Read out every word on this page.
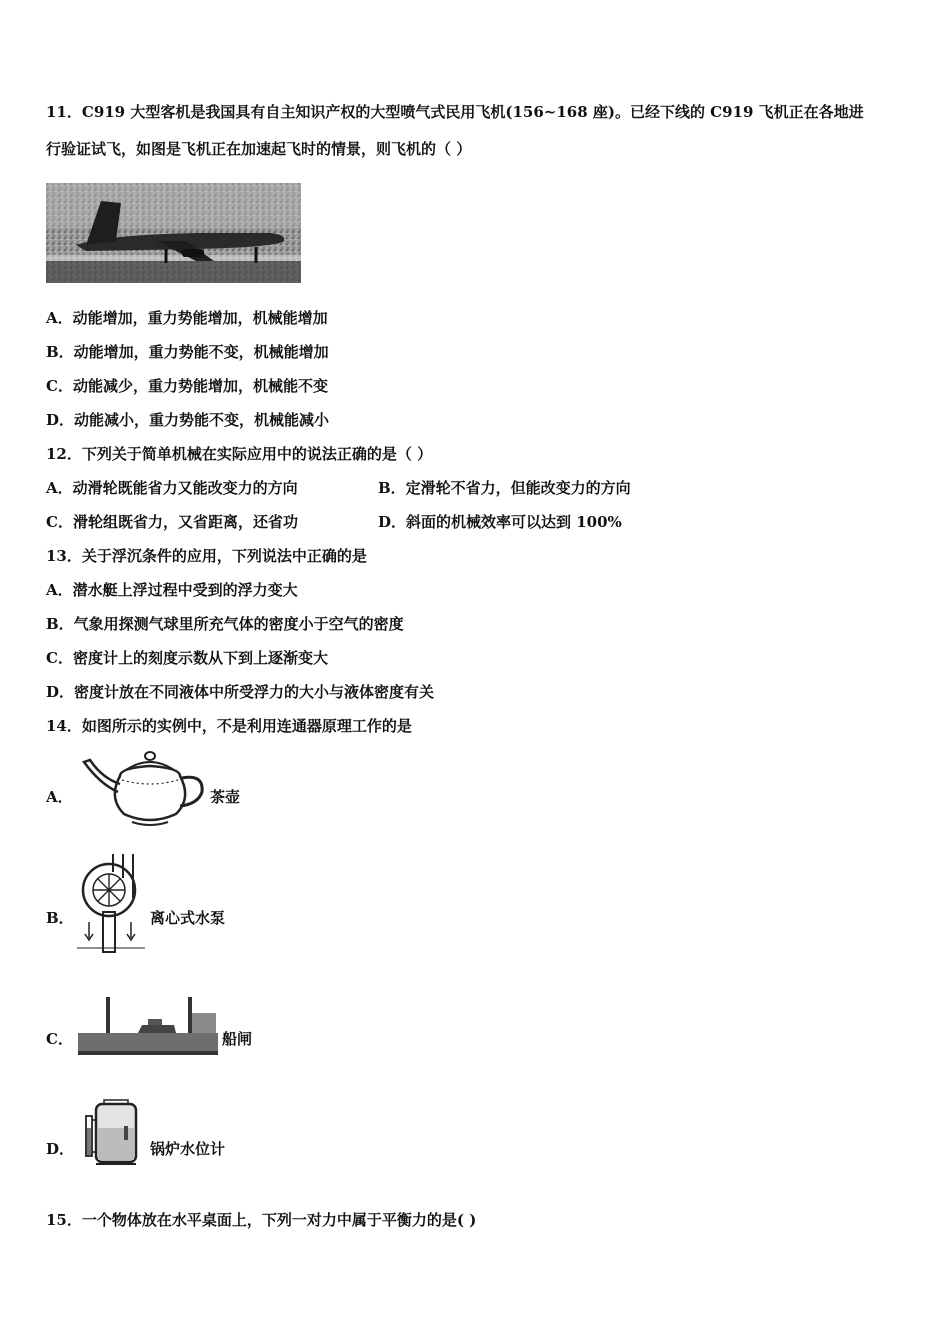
11．C919 大型客机是我国具有自主知识产权的大型喷气式民用飞机(156~168 座)。已经下线的 C919 飞机正在各地进
行验证试飞，如图是飞机正在加速起飞时的情景，则飞机的（ ）
A．动能增加，重力势能增加，机械能增加
B．动能增加，重力势能不变，机械能增加
C．动能减少，重力势能增加，机械能不变
D．动能减小，重力势能不变，机械能减小
12．下列关于简单机械在实际应用中的说法正确的是（ ）
A．动滑轮既能省力又能改变力的方向	B．定滑轮不省力，但能改变力的方向
C．滑轮组既省力，又省距离，还省功	D．斜面的机械效率可以达到 100%
13．关于浮沉条件的应用，下列说法中正确的是
A．潜水艇上浮过程中受到的浮力变大
B．气象用探测气球里所充气体的密度小于空气的密度
C．密度计上的刻度示数从下到上逐渐变大
D．密度计放在不同液体中所受浮力的大小与液体密度有关
14．如图所示的实例中，不是利用连通器原理工作的是
A．	茶壶
B．	离心式水泵
C．	船闸
D．	锅炉水位计
15．一个物体放在水平桌面上，下列一对力中属于平衡力的是( )
